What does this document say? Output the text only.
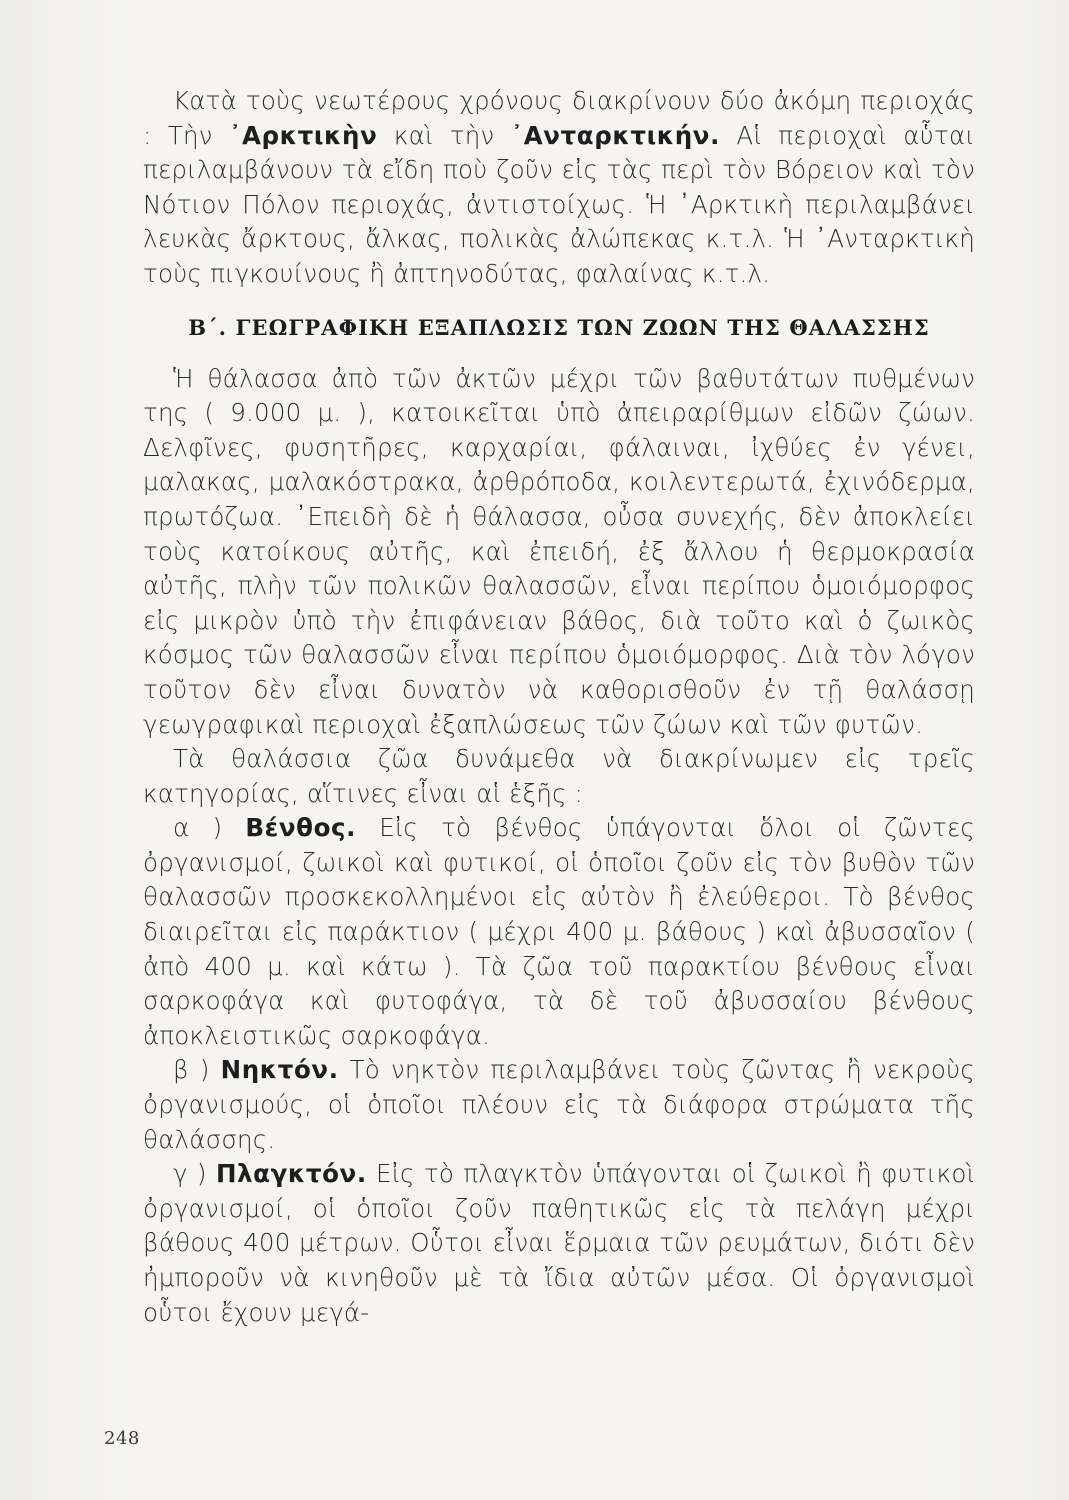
Κατὰ τοὺς νεωτέρους χρόνους διακρίνουν δύο ἀκόμη περιοχάς : Τὴν ᾿Αρκτικὴν καὶ τὴν ᾿Ανταρκτικήν. Αἱ περιοχαὶ αὗται περιλαμβάνουν τὰ εἴδη ποὺ ζοῦν εἰς τὰς περὶ τὸν Βόρειον καὶ τὸν Νότιον Πόλον περιοχάς, ἀντιστοίχως. Ἡ ᾿Αρκτικὴ περιλαμβάνει λευκὰς ἄρκτους, ἄλκας, πολικὰς ἀλώπεκας κ.τ.λ. Ἡ ᾿Ανταρκτικὴ τοὺς πιγκουίνους ἢ ἀπτηνοδύτας, φαλαίνας κ.τ.λ.

Β΄. ΓΕΩΓΡΑΦΙΚΗ ΕΞΑΠΛΩΣΙΣ ΤΩΝ ΖΩΩΝ ΤΗΣ ΘΑΛΑΣΣΗΣ

Ἡ θάλασσα ἀπὸ τῶν ἀκτῶν μέχρι τῶν βαθυτάτων πυθμένων της ( 9.000 μ. ), κατοικεῖται ὑπὸ ἀπειραρίθμων εἰδῶν ζώων. Δελφῖνες, φυσητῆρες, καρχαρίαι, φάλαιναι, ἰχθύες ἐν γένει, μαλακας, μαλακόστρακα, ἀρθρόποδα, κοιλεντερωτά, ἐχινόδερμα, πρωτόζωα. ᾿Επειδὴ δὲ ἡ θάλασσα, οὖσα συνεχής, δὲν ἀποκλείει τοὺς κατοίκους αὐτῆς, καὶ ἐπειδή, ἐξ ἄλλου ἡ θερμοκρασία αὐτῆς, πλὴν τῶν πολικῶν θαλασσῶν, εἶναι περίπου ὁμοιόμορφος εἰς μικρὸν ὑπὸ τὴν ἐπιφάνειαν βάθος, διὰ τοῦτο καὶ ὁ ζωικὸς κόσμος τῶν θαλασσῶν εἶναι περίπου ὁμοιόμορφος. Διὰ τὸν λόγον τοῦτον δὲν εἶναι δυνατὸν νὰ καθορισθοῦν ἐν τῇ θαλάσσῃ γεωγραφικαὶ περιοχαὶ ἐξαπλώσεως τῶν ζώων καὶ τῶν φυτῶν.

Τὰ θαλάσσια ζῶα δυνάμεθα νὰ διακρίνωμεν εἰς τρεῖς κατηγορίας, αἵτινες εἶναι αἱ ἑξῆς :

α ) Βένθος. Εἰς τὸ βένθος ὑπάγονται ὅλοι οἱ ζῶντες ὀργανισμοί, ζωικοὶ καὶ φυτικοί, οἱ ὁποῖοι ζοῦν εἰς τὸν βυθὸν τῶν θαλασσῶν προσκεκολλημένοι εἰς αὐτὸν ἢ ἐλεύθεροι. Τὸ βένθος διαιρεῖται εἰς παράκτιον ( μέχρι 400 μ. βάθους ) καὶ ἀβυσσαῖον ( ἀπὸ 400 μ. καὶ κάτω ). Τὰ ζῶα τοῦ παρακτίου βένθους εἶναι σαρκοφάγα καὶ φυτοφάγα, τὰ δὲ τοῦ ἀβυσσαίου βένθους ἀποκλειστικῶς σαρκοφάγα.

β ) Νηκτόν. Τὸ νηκτὸν περιλαμβάνει τοὺς ζῶντας ἢ νεκροὺς ὀργανισμούς, οἱ ὁποῖοι πλέουν εἰς τὰ διάφορα στρώματα τῆς θαλάσσης.

γ ) Πλαγκτόν. Εἰς τὸ πλαγκτὸν ὑπάγονται οἱ ζωικοὶ ἢ φυτικοὶ ὀργανισμοί, οἱ ὁποῖοι ζοῦν παθητικῶς εἰς τὰ πελάγη μέχρι βάθους 400 μέτρων. Οὗτοι εἶναι ἕρμαια τῶν ρευμάτων, διότι δὲν ἠμποροῦν νὰ κινηθοῦν μὲ τὰ ἴδια αὐτῶν μέσα. Οἱ ὀργανισμοὶ οὗτοι ἔχουν μεγά-

248
